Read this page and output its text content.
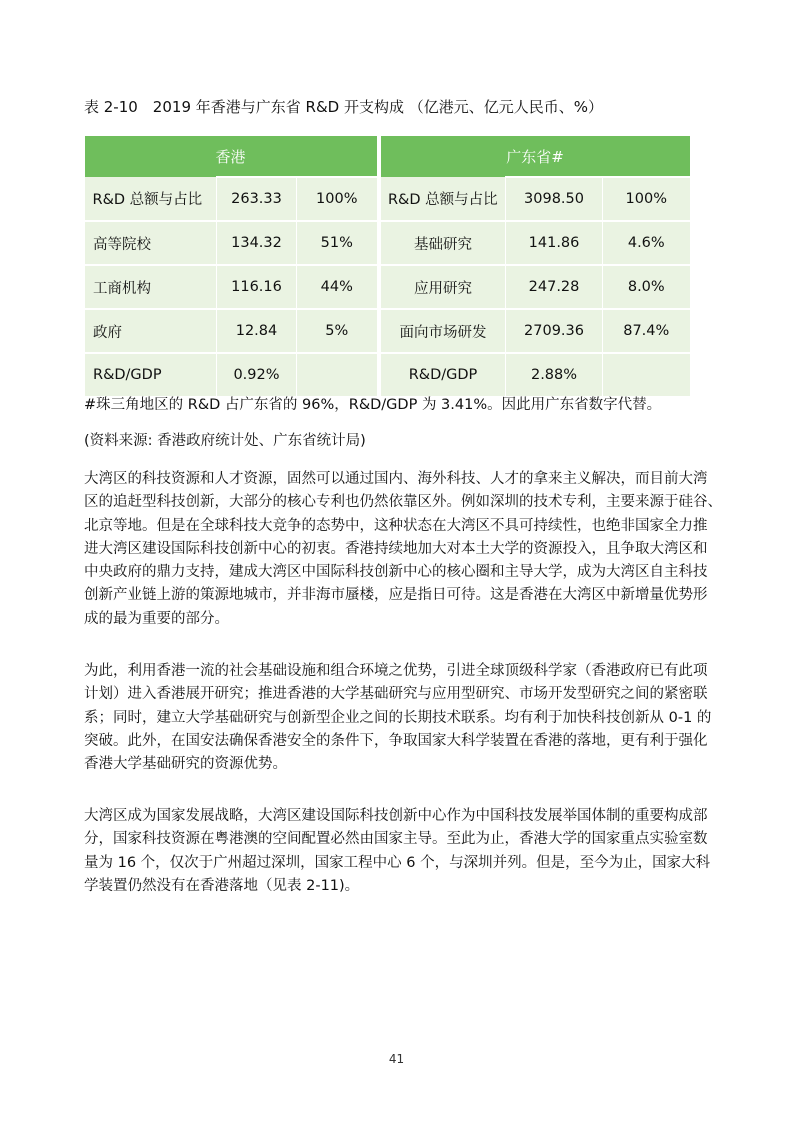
表 2-10　2019 年香港与广东省 R&D 开支构成 （亿港元、亿元人民币、%）
香港				广东省#		
R&D 总额与占比	263.33	100%		R&D 总额与占比	3098.50	100%
高等院校	134.32	51%		基础研究	141.86	4.6%
工商机构	116.16	44%		应用研究	247.28	8.0%
政府	12.84	5%		面向市场研发	2709.36	87.4%
R&D/GDP	0.92%			R&D/GDP	2.88%	
#珠三角地区的 R&D 占广东省的 96%，R&D/GDP 为 3.41%。因此用广东省数字代替。
(资料来源: 香港政府统计处、广东省统计局)
大湾区的科技资源和人才资源，固然可以通过国内、海外科技、人才的拿来主义解决，而目前大湾
区的追赶型科技创新，大部分的核心专利也仍然依靠区外。例如深圳的技术专利，主要来源于硅谷、
北京等地。但是在全球科技大竞争的态势中，这种状态在大湾区不具可持续性，也绝非国家全力推
进大湾区建设国际科技创新中心的初衷。香港持续地加大对本土大学的资源投入，且争取大湾区和
中央政府的鼎力支持，建成大湾区中国际科技创新中心的核心圈和主导大学，成为大湾区自主科技
创新产业链上游的策源地城市，并非海市蜃楼，应是指日可待。这是香港在大湾区中新增量优势形
成的最为重要的部分。
为此，利用香港一流的社会基础设施和组合环境之优势，引进全球顶级科学家（香港政府已有此项
计划）进入香港展开研究；推进香港的大学基础研究与应用型研究、市场开发型研究之间的紧密联
系；同时，建立大学基础研究与创新型企业之间的长期技术联系。均有利于加快科技创新从 0-1 的
突破。此外，在国安法确保香港安全的条件下，争取国家大科学装置在香港的落地，更有利于强化
香港大学基础研究的资源优势。
大湾区成为国家发展战略，大湾区建设国际科技创新中心作为中国科技发展举国体制的重要构成部
分，国家科技资源在粤港澳的空间配置必然由国家主导。至此为止，香港大学的国家重点实验室数
量为 16 个，仅次于广州超过深圳，国家工程中心 6 个，与深圳并列。但是，至今为止，国家大科
学装置仍然没有在香港落地（见表 2-11)。
41
